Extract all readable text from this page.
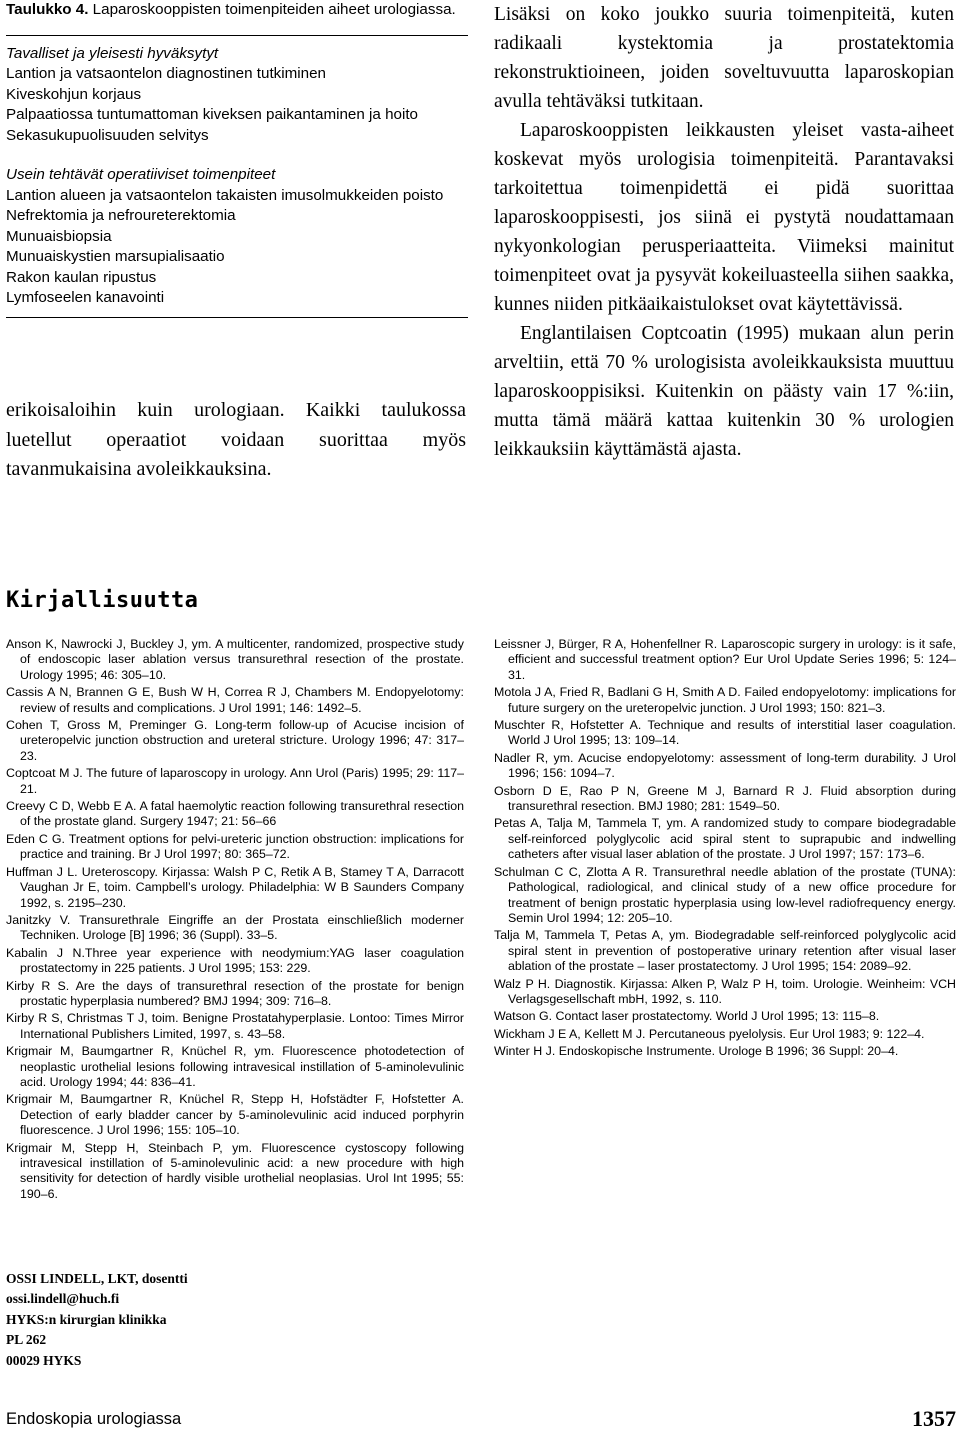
Taulukko 4. Laparoskooppisten toimenpiteiden aiheet urologiassa.

Tavalliset ja yleisesti hyväksytyt
Lantion ja vatsaontelon diagnostinen tutkiminen
Kiveskohjun korjaus
Palpaatiossa tuntumattoman kiveksen paikantaminen ja hoito
Sekasukupuolisuuden selvitys
Usein tehtävät operatiiviset toimenpiteet
Lantion alueen ja vatsaontelon takaisten imusolmukkeiden poisto
Nefrektomia ja nefroureterektomia
Munuaisbiopsia
Munuaiskystien marsupialisaatio
Rakon kaulan ripustus
Lymfoseelen kanavointi

erikoisaloihin kuin urologiaan. Kaikki taulukossa luetellut operaatiot voidaan suorittaa myös tavanmukaisina avoleikkauksina.

Lisäksi on koko joukko suuria toimenpiteitä, kuten radikaali kystektomia ja prostatektomia rekonstruktioineen, joiden soveltuvuutta laparoskopian avulla tehtäväksi tutkitaan.

Laparoskooppisten leikkausten yleiset vasta-aiheet koskevat myös urologisia toimenpiteitä. Parantavaksi tarkoitettua toimenpidettä ei pidä suorittaa laparoskooppisesti, jos siinä ei pystytä noudattamaan nykyonkologian perusperiaatteita. Viimeksi mainitut toimenpiteet ovat ja pysyvät kokeiluasteella siihen saakka, kunnes niiden pitkäaikaistulokset ovat käytettävissä.

Englantilaisen Coptcoatin (1995) mukaan alun perin arveltiin, että 70 % urologisista avoleikkauksista muuttuu laparoskooppisiksi. Kuitenkin on päästy vain 17 %:iin, mutta tämä määrä kattaa kuitenkin 30 % urologien leikkauksiin käyttämästä ajasta.

Kirjallisuutta

Anson K, Nawrocki J, Buckley J, ym. A multicenter, randomized, prospective study of endoscopic laser ablation versus transurethral resection of the prostate. Urology 1995; 46: 305–10.

Cassis A N, Brannen G E, Bush W H, Correa R J, Chambers M. Endopyelotomy: review of results and complications. J Urol 1991; 146: 1492–5.

Cohen T, Gross M, Preminger G. Long-term follow-up of Acucise incision of ureteropelvic junction obstruction and ureteral stricture. Urology 1996; 47: 317–23.

Coptcoat M J. The future of laparoscopy in urology. Ann Urol (Paris) 1995; 29: 117–21.

Creevy C D, Webb E A. A fatal haemolytic reaction following transurethral resection of the prostate gland. Surgery 1947; 21: 56–66

Eden C G. Treatment options for pelvi-ureteric junction obstruction: implications for practice and training. Br J Urol 1997; 80: 365–72.

Huffman J L. Ureteroscopy. Kirjassa: Walsh P C, Retik A B, Stamey T A, Darracott Vaughan Jr E, toim. Campbell’s urology. Philadelphia: W B Saunders Company 1992, s. 2195–230.

Janitzky V. Transurethrale Eingriffe an der Prostata einschließlich moderner Techniken. Urologe [B] 1996; 36 (Suppl). 33–5.

Kabalin J N.Three year experience with neodymium:YAG laser coagulation prostatectomy in 225 patients. J Urol 1995; 153: 229.

Kirby R S. Are the days of transurethral resection of the prostate for benign prostatic hyperplasia numbered? BMJ 1994; 309: 716–8.

Kirby R S, Christmas T J, toim. Benigne Prostatahyperplasie. Lontoo: Times Mirror International Publishers Limited, 1997, s. 43–58.

Krigmair M, Baumgartner R, Knüchel R, ym. Fluorescence photodetection of neoplastic urothelial lesions following intravesical instillation of 5-aminolevulinic acid. Urology 1994; 44: 836–41.

Krigmair M, Baumgartner R, Knüchel R, Stepp H, Hofstädter F, Hofstetter A. Detection of early bladder cancer by 5-aminolevulinic acid induced porphyrin fluorescence. J Urol 1996; 155: 105–10.

Krigmair M, Stepp H, Steinbach P, ym. Fluorescence cystoscopy following intravesical instillation of 5-aminolevulinic acid: a new procedure with high sensitivity for detection of hardly visible urothelial neoplasias. Urol Int 1995; 55: 190–6.

Leissner J, Bürger, R A, Hohenfellner R. Laparoscopic surgery in urology: is it safe, efficient and successful treatment option? Eur Urol Update Series 1996; 5: 124–31.

Motola J A, Fried R, Badlani G H, Smith A D. Failed endopyelotomy: implications for future surgery on the ureteropelvic junction. J Urol 1993; 150: 821–3.

Muschter R, Hofstetter A. Technique and results of interstitial laser coagulation. World J Urol 1995; 13: 109–14.

Nadler R, ym. Acucise endopyelotomy: assessment of long-term durability. J Urol 1996; 156: 1094–7.

Osborn D E, Rao P N, Greene M J, Barnard R J. Fluid absorption during transurethral resection. BMJ 1980; 281: 1549–50.

Petas A, Talja M, Tammela T, ym. A randomized study to compare biodegradable self-reinforced polyglycolic acid spiral stent to suprapubic and indwelling catheters after visual laser ablation of the prostate. J Urol 1997; 157: 173–6.

Schulman C C, Zlotta A R. Transurethral needle ablation of the prostate (TUNA): Pathological, radiological, and clinical study of a new office procedure for treatment of benign prostatic hyperplasia using low-level radiofrequency energy. Semin Urol 1994; 12: 205–10.

Talja M, Tammela T, Petas A, ym. Biodegradable self-reinforced polyglycolic acid spiral stent in prevention of postoperative urinary retention after visual laser ablation of the prostate – laser prostatectomy. J Urol 1995; 154: 2089–92.

Walz P H. Diagnostik. Kirjassa: Alken P, Walz P H, toim. Urologie. Weinheim: VCH Verlagsgesellschaft mbH, 1992, s. 110.

Watson G. Contact laser prostatectomy. World J Urol 1995; 13: 115–8.

Wickham J E A, Kellett M J. Percutaneous pyelolysis. Eur Urol 1983; 9: 122–4.

Winter H J. Endoskopische Instrumente. Urologe B 1996; 36 Suppl: 20–4.

OSSI LINDELL, LKT, dosentti
ossi.lindell@huch.fi
HYKS:n kirurgian klinikka
PL 262
00029 HYKS
Endoskopia urologiassa	1357
